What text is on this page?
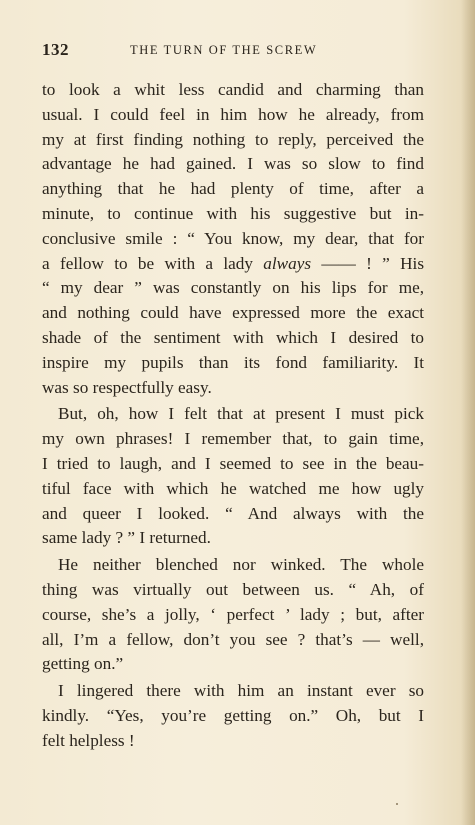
132	THE TURN OF THE SCREW
to look a whit less candid and charming than
usual. I could feel in him how he already, from
my at first finding nothing to reply, perceived the
advantage he had gained. I was so slow to find
anything that he had plenty of time, after a
minute, to continue with his suggestive but in-
conclusive smile : “ You know, my dear, that for
a fellow to be with a lady always —— ! ” His
“ my dear ” was constantly on his lips for me,
and nothing could have expressed more the exact
shade of the sentiment with which I desired to
inspire my pupils than its fond familiarity. It
was so respectfully easy.
But, oh, how I felt that at present I must pick
my own phrases! I remember that, to gain time,
I tried to laugh, and I seemed to see in the beau-
tiful face with which he watched me how ugly
and queer I looked. “ And always with the
same lady ? ” I returned.
He neither blenched nor winked. The whole
thing was virtually out between us. “ Ah, of
course, she’s a jolly, ‘ perfect ’ lady ; but, after
all, I’m a fellow, don’t you see ? that’s — well,
getting on.”
I lingered there with him an instant ever so
kindly. “Yes, you’re getting on.” Oh, but I
felt helpless !
